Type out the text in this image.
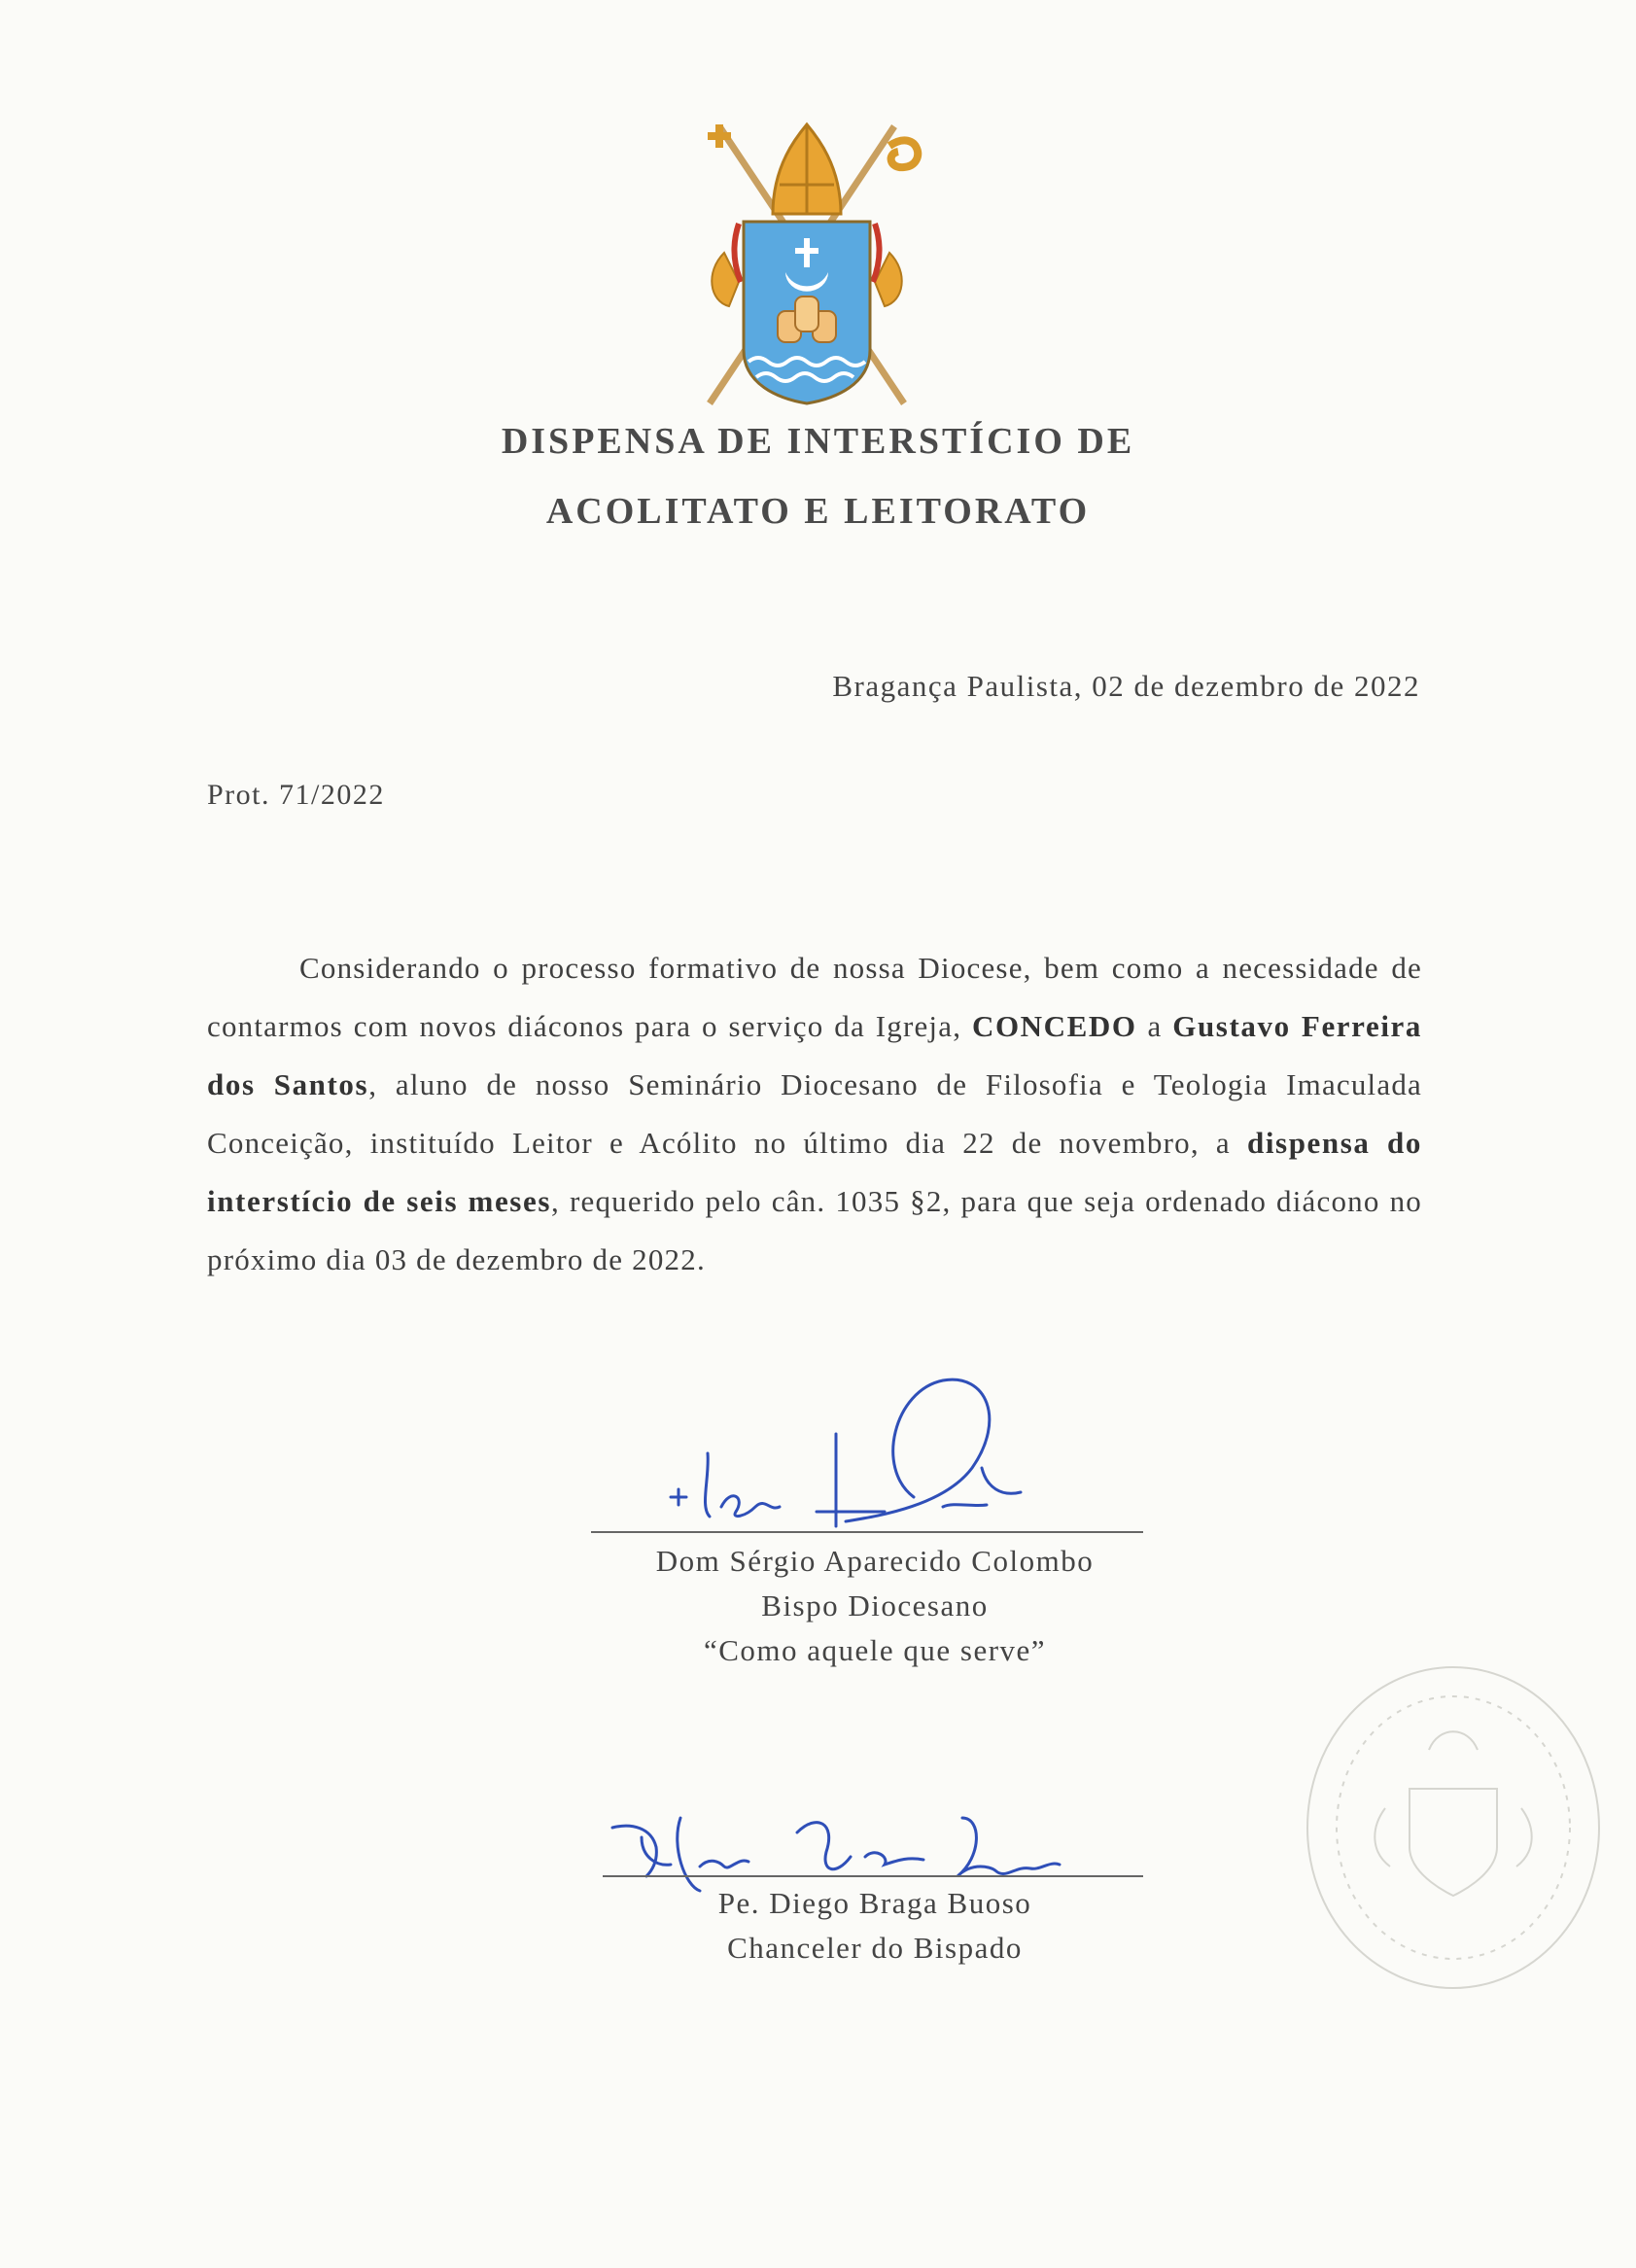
DISPENSA DE INTERSTÍCIO DE
ACOLITATO E LEITORATO
Bragança Paulista, 02 de dezembro de 2022
Prot. 71/2022

Considerando o processo formativo de nossa Diocese, bem como a necessidade de contarmos com novos diáconos para o serviço da Igreja, CONCEDO a Gustavo Ferreira dos Santos, aluno de nosso Seminário Diocesano de Filosofia e Teologia Imaculada Conceição, instituído Leitor e Acólito no último dia 22 de novembro, a dispensa do interstício de seis meses, requerido pelo cân. 1035 §2, para que seja ordenado diácono no próximo dia 03 de dezembro de 2022.

Dom Sérgio Aparecido Colombo
Bispo Diocesano
“Como aquele que serve”
Pe. Diego Braga Buoso
Chanceler do Bispado
